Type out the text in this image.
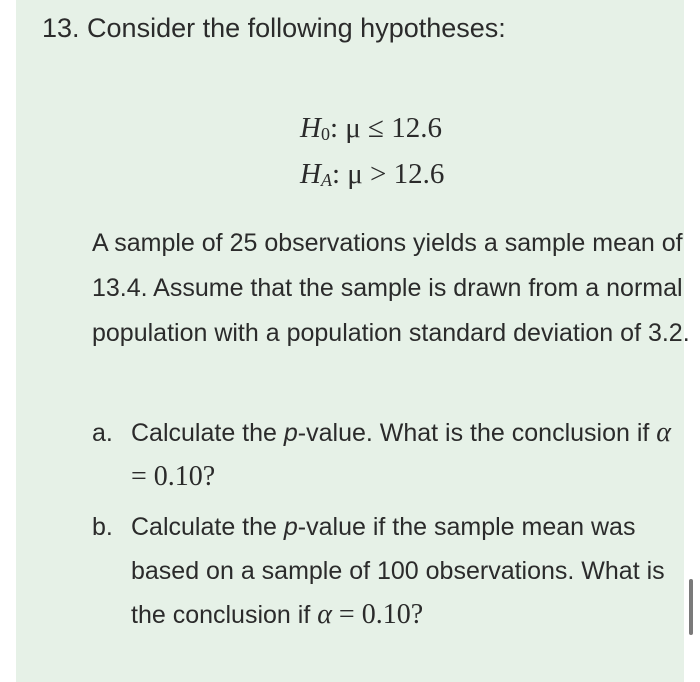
13. Consider the following hypotheses:
$H_0$: μ ≤ 12.6
$H_A$: μ > 12.6
A sample of 25 observations yields a sample mean of 13.4. Assume that the sample is drawn from a normal population with a population standard deviation of 3.2.
a. Calculate the p-value. What is the conclusion if α = 0.10?
b. Calculate the p-value if the sample mean was based on a sample of 100 observations. What is the conclusion if α = 0.10?
